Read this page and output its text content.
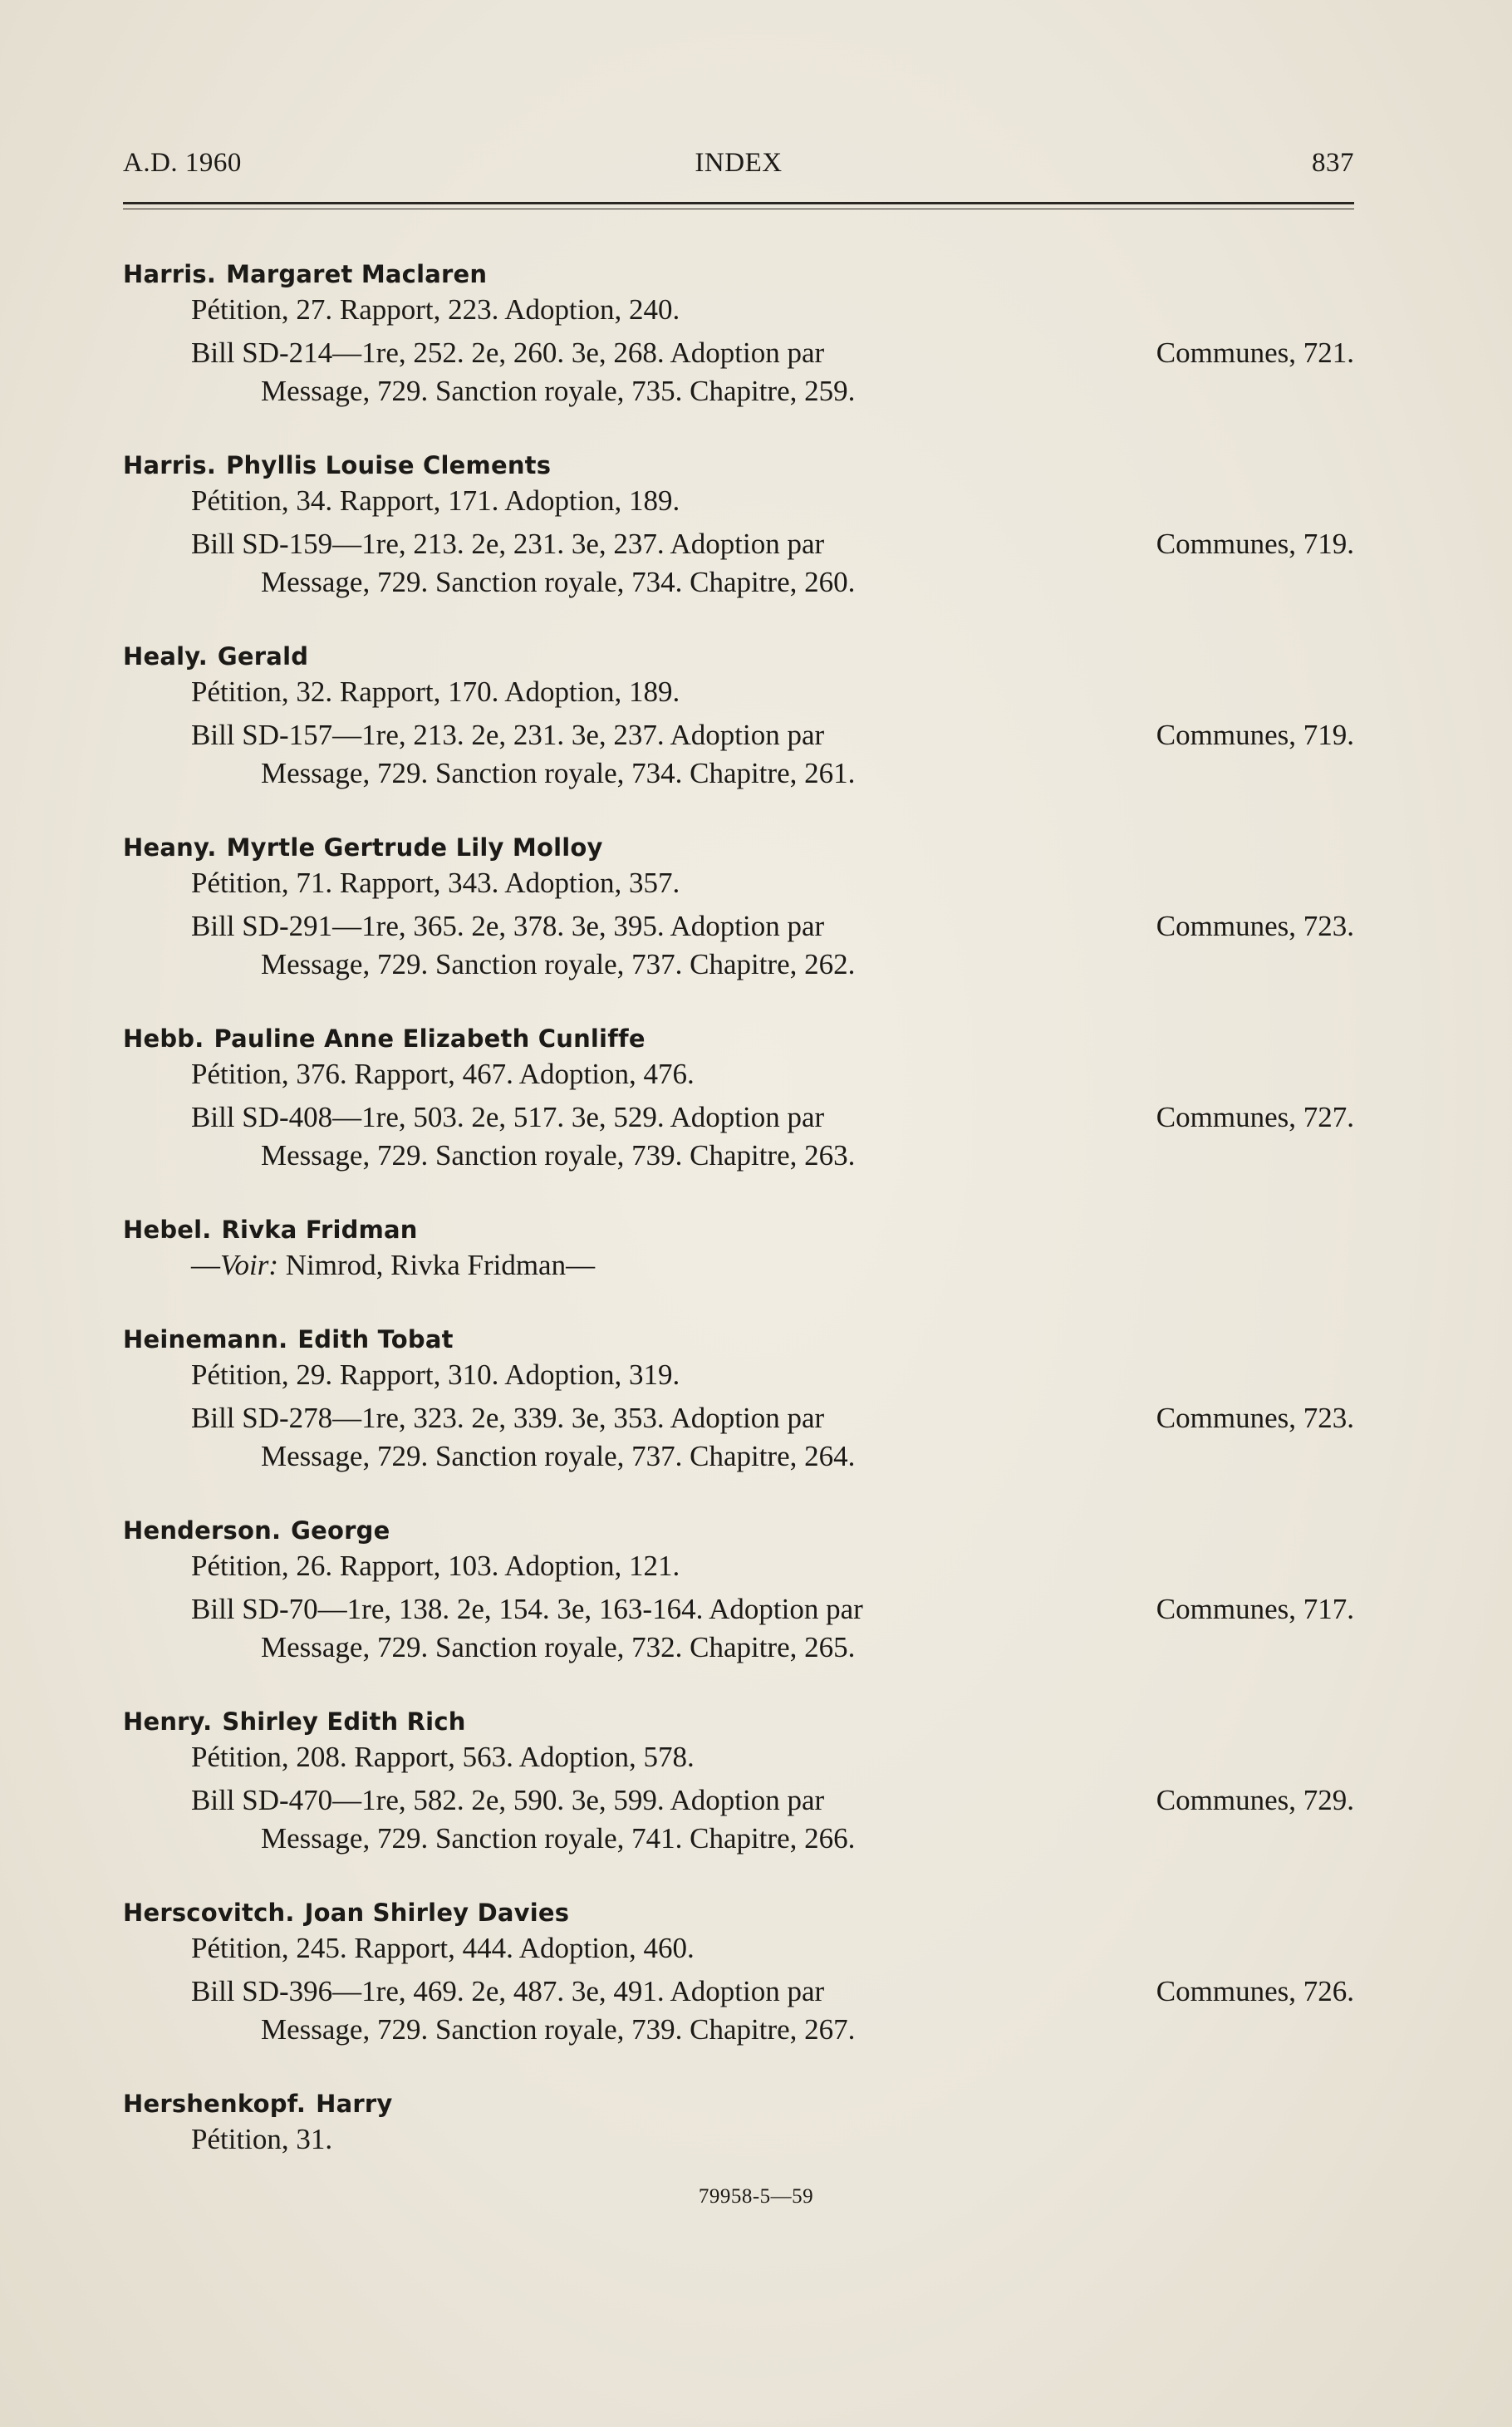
A.D. 1960	INDEX	837
Harris. Margaret Maclaren
Pétition, 27. Rapport, 223. Adoption, 240.
Bill SD-214—1re, 252. 2e, 260. 3e, 268. Adoption par	Communes, 721.
Message, 729. Sanction royale, 735. Chapitre, 259.
Harris. Phyllis Louise Clements
Pétition, 34. Rapport, 171. Adoption, 189.
Bill SD-159—1re, 213. 2e, 231. 3e, 237. Adoption par	Communes, 719.
Message, 729. Sanction royale, 734. Chapitre, 260.
Healy. Gerald
Pétition, 32. Rapport, 170. Adoption, 189.
Bill SD-157—1re, 213. 2e, 231. 3e, 237. Adoption par	Communes, 719.
Message, 729. Sanction royale, 734. Chapitre, 261.
Heany. Myrtle Gertrude Lily Molloy
Pétition, 71. Rapport, 343. Adoption, 357.
Bill SD-291—1re, 365. 2e, 378. 3e, 395. Adoption par	Communes, 723.
Message, 729. Sanction royale, 737. Chapitre, 262.
Hebb. Pauline Anne Elizabeth Cunliffe
Pétition, 376. Rapport, 467. Adoption, 476.
Bill SD-408—1re, 503. 2e, 517. 3e, 529. Adoption par	Communes, 727.
Message, 729. Sanction royale, 739. Chapitre, 263.
Hebel. Rivka Fridman
—Voir: Nimrod, Rivka Fridman—
Heinemann. Edith Tobat
Pétition, 29. Rapport, 310. Adoption, 319.
Bill SD-278—1re, 323. 2e, 339. 3e, 353. Adoption par	Communes, 723.
Message, 729. Sanction royale, 737. Chapitre, 264.
Henderson. George
Pétition, 26. Rapport, 103. Adoption, 121.
Bill SD-70—1re, 138. 2e, 154. 3e, 163-164. Adoption par	Communes, 717.
Message, 729. Sanction royale, 732. Chapitre, 265.
Henry. Shirley Edith Rich
Pétition, 208. Rapport, 563. Adoption, 578.
Bill SD-470—1re, 582. 2e, 590. 3e, 599. Adoption par	Communes, 729.
Message, 729. Sanction royale, 741. Chapitre, 266.
Herscovitch. Joan Shirley Davies
Pétition, 245. Rapport, 444. Adoption, 460.
Bill SD-396—1re, 469. 2e, 487. 3e, 491. Adoption par	Communes, 726.
Message, 729. Sanction royale, 739. Chapitre, 267.
Hershenkopf. Harry
Pétition, 31.
79958-5—59
